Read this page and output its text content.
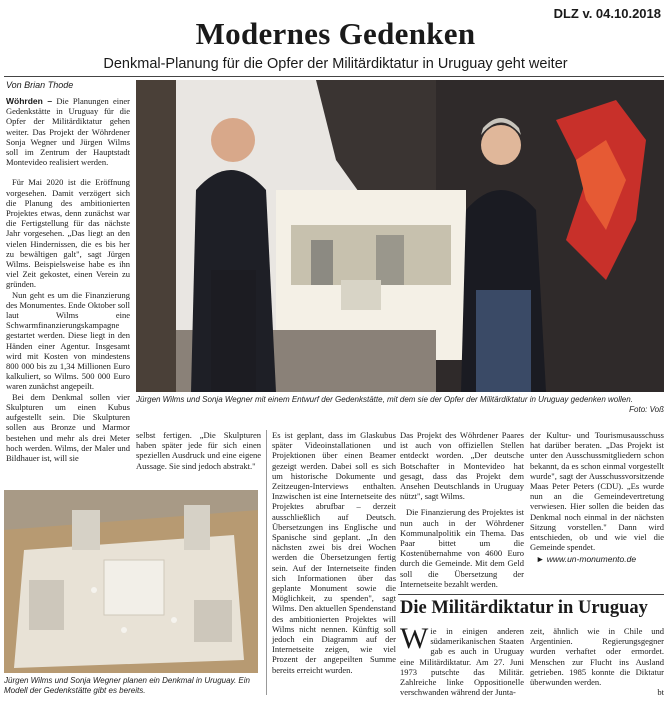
DLZ v. 04.10.2018
Modernes Gedenken
Denkmal-Planung für die Opfer der Militärdiktatur in Uruguay geht weiter
Von Brian Thode

Wöhrden – Die Planungen einer Gedenkstätte in Uruguay für die Opfer der Militärdiktatur gehen weiter. Das Projekt der Wöhrdener Sonja Wegner und Jürgen Wilms soll im Zentrum der Hauptstadt Montevideo realisiert werden.

Für Mai 2020 ist die Eröffnung vorgesehen. Damit verzögert sich die Planung des ambitionierten Projektes etwas, denn zunächst war die Fertigstellung für das nächste Jahr vorgesehen. „Das liegt an den vielen Hindernissen, die es bis her zu bewältigen galt", sagt Jürgen Wilms. Beispielsweise habe es ihn viel Zeit gekostet, einen Verein zu gründen.

Nun geht es um die Finanzierung des Monumentes. Ende Oktober soll laut Wilms eine Schwarmfinanzierungskampagne gestartet werden. Diese liegt in den Händen einer Agentur. Insgesamt wird mit Kosten von mindestens 800 000 bis zu 1,34 Millionen Euro kalkuliert, so Wilms. 500 000 Euro waren zunächst angepeilt.

Bei dem Denkmal sollen vier Skulpturen um einen Kubus aufgestellt sein. Die Skulpturen sollen aus Bronze und Marmor bestehen und mehr als drei Meter hoch werden. Wilms, der Maler und Bildhauer ist, will sie

Jürgen Wilms und Sonja Wegner mit einem Entwurf der Gedenkstätte, mit dem sie der Opfer der Militärdiktatur in Uruguay gedenken wollen.
Foto: Voß
Jürgen Wilms und Sonja Wegner planen ein Denkmal in Uruguay. Ein Modell der Gedenkstätte gibt es bereits.

selbst fertigen. „Die Skulpturen haben später jede für sich einen speziellen Ausdruck und eine eigene Aussage. Sie sind jedoch abstrakt."

Es ist geplant, dass im Glaskubus später Videoinstallationen und Projektionen über einen Beamer gezeigt werden. Dabei soll es sich um historische Dokumente und Zeitzeugen-Interviews enthalten. Inzwischen ist eine Internetseite des Projektes abrufbar – derzeit ausschließlich auf Deutsch. Übersetzungen ins Englische und Spanische sind geplant. „In den nächsten zwei bis drei Wochen werden die Übersetzungen fertig sein. Auf der Internetseite finden sich Informationen über das geplante Monument sowie die Möglichkeit, zu spenden", sagt Wilms. Den aktuellen Spendenstand des ambitionierten Projektes will Wilms nicht nennen. Künftig soll jedoch ein Diagramm auf der Internetseite zeigen, wie viel Prozent der angepeilten Summe bereits erreicht wurden.

Das Projekt des Wöhrdener Paares ist auch von offiziellen Stellen entdeckt worden. „Der deutsche Botschafter in Montevideo hat gesagt, dass das Projekt dem Ansehen Deutschlands in Uruguay nützt", sagt Wilms.

Die Finanzierung des Projektes ist nun auch in der Wöhrdener Kommunalpolitik ein Thema. Das Paar bittet um die Kostenübernahme von 4600 Euro durch die Gemeinde. Mit dem Geld soll die Übersetzung der Internetseite bezahlt werden.

der Kultur- und Tourismusausschuss hat darüber beraten. „Das Projekt ist unter den Ausschussmitgliedern schon bekannt, da es schon einmal vorgestellt wurde", sagt der Ausschussvorsitzende Maas Peter Peters (CDU). „Es wurde nun an die Gemeindevertretung verwiesen. Hier sollen die beiden das Denkmal noch einmal in der nächsten Sitzung vorstellen." Dann wird entschieden, ob und wie viel die Gemeinde spendet.

► www.un-monumento.de

Die Militärdiktatur in Uruguay

Wie in einigen anderen südamerikanischen Staaten gab es auch in Uruguay eine Militärdiktatur. Am 27. Juni 1973 putschte das Militär. Zahlreiche linke Oppositionelle verschwanden während der Junta-

zeit, ähnlich wie in Chile und Argentinien. Regierungsgegner wurden verhaftet oder ermordet. Menschen zur Flucht ins Ausland getrieben. 1985 konnte die Diktatur überwunden werden.

bt
